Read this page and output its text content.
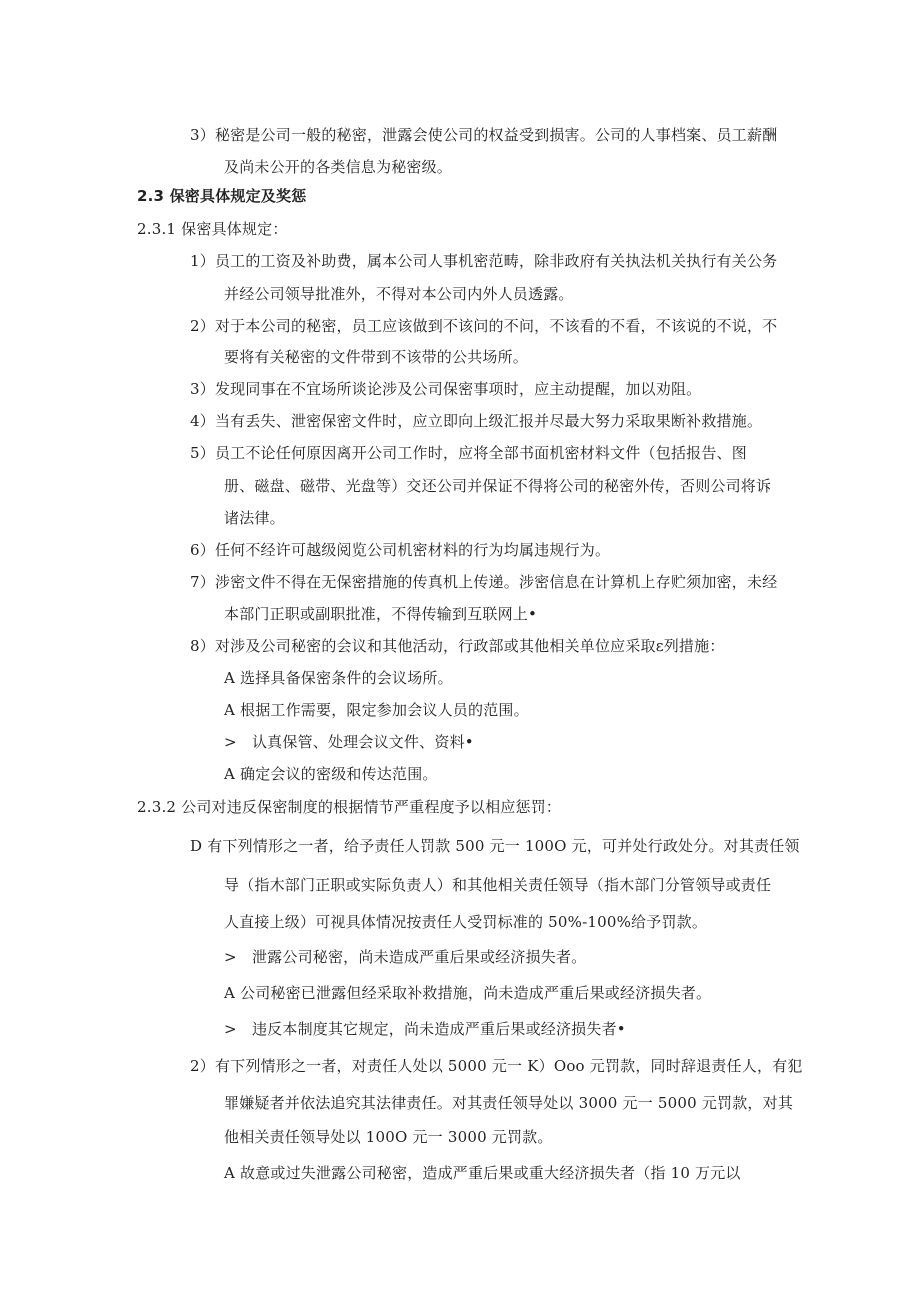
3）秘密是公司一般的秘密，泄露会使公司的权益受到损害。公司的人事档案、员工薪酬
及尚未公开的各类信息为秘密级。
2.3 保密具体规定及奖惩
2.3.1 保密具体规定：
1）员工的工资及补助费，属本公司人事机密范畴，除非政府有关执法机关执行有关公务
并经公司领导批准外，不得对本公司内外人员透露。
2）对于本公司的秘密，员工应该做到不该问的不问，不该看的不看，不该说的不说，不
要将有关秘密的文件带到不该带的公共场所。
3）发现同事在不宜场所谈论涉及公司保密事项时，应主动提醒，加以劝阻。
4）当有丢失、泄密保密文件时，应立即向上级汇报并尽最大努力采取果断补救措施。
5）员工不论任何原因离开公司工作时，应将全部书面机密材料文件（包括报告、图
册、磁盘、磁带、光盘等）交还公司并保证不得将公司的秘密外传，否则公司将诉
诸法律。
6）任何不经许可越级阅览公司机密材料的行为均属违规行为。
7）涉密文件不得在无保密措施的传真机上传递。涉密信息在计算机上存贮须加密，未经
本部门正职或副职批准，不得传输到互联网上•
8）对涉及公司秘密的会议和其他活动，行政部或其他相关单位应采取ε列措施：
A 选择具备保密条件的会议场所。
A 根据工作需要，限定参加会议人员的范围。
>　认真保管、处理会议文件、资料•
A 确定会议的密级和传达范围。
2.3.2 公司对违反保密制度的根据情节严重程度予以相应惩罚：
D 有下列情形之一者，给予责任人罚款 500 元一 100O 元，可并处行政处分。对其责任领
导（指木部门正职或实际负责人）和其他相关责任领导（指木部门分管领导或责任
人直接上级）可视具体情况按责任人受罚标准的 50%-100%给予罚款。
>　泄露公司秘密，尚未造成严重后果或经济损失者。
A 公司秘密已泄露但经采取补救措施，尚未造成严重后果或经济损失者。
>　违反本制度其它规定，尚未造成严重后果或经济损失者•
2）有下列情形之一者，对责任人处以 5000 元一 K）Ooo 元罚款，同时辞退责任人，有犯
罪嫌疑者并依法追究其法律责任。对其责任领导处以 3000 元一 5000 元罚款，对其
他相关责任领导处以 100O 元一 3000 元罚款。
A 故意或过失泄露公司秘密，造成严重后果或重大经济损失者（指 10 万元以
